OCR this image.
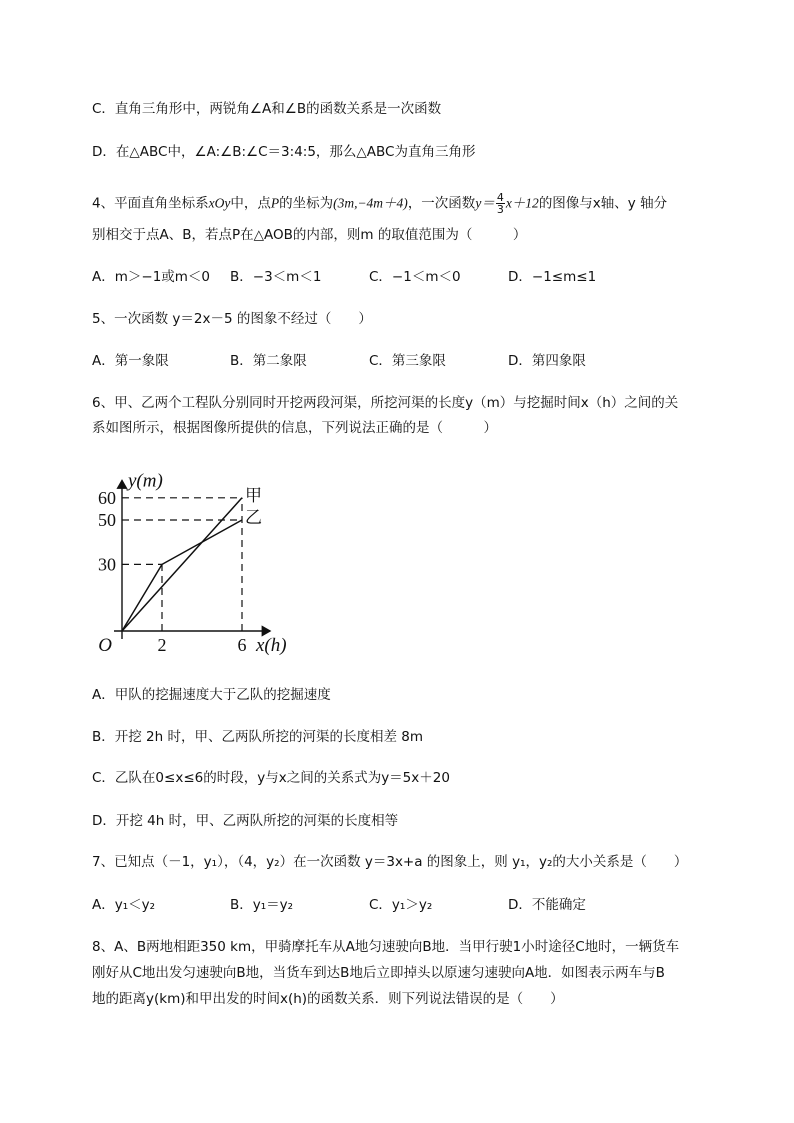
C．直角三角形中，两锐角∠A和∠B的函数关系是一次函数
D．在△ABC中，∠A:∠B:∠C＝3:4:5，那么△ABC为直角三角形
4、平面直角坐标系xOy中，点P的坐标为(3m,−4m＋4)，一次函数$y= \frac{4}{3} x+12$的图像与x轴、y 轴分
别相交于点A、B，若点P在△AOB的内部，则m 的取值范围为（　　　）
A．m＞−1或m＜0 B．−3＜m＜1	C．−1＜m＜0	D．−1≤m≤1
5、一次函数 y＝2x－5 的图象不经过（　　）
A．第一象限	B．第二象限	C．第三象限	D．第四象限
6、甲、乙两个工程队分别同时开挖两段河渠，所挖河渠的长度y（m）与挖掘时间x（h）之间的关
系如图所示，根据图像所提供的信息，下列说法正确的是（　　　）
甲
乙
30
50
60
2	6
O	x(h)
y(m)
A．甲队的挖掘速度大于乙队的挖掘速度
B．开挖 2h 时，甲、乙两队所挖的河渠的长度相差 8m
C．乙队在0≤x≤6的时段，y与x之间的关系式为y＝5x＋20
D．开挖 4h 时，甲、乙两队所挖的河渠的长度相等
7、已知点（－1，y₁），（4，y₂）在一次函数 y＝3x+a 的图象上，则 y₁，y₂的大小关系是（　　）
A．y₁＜y₂	B．y₁＝y₂	C．y₁＞y₂	D．不能确定
8、A、B两地相距350 km，甲骑摩托车从A地匀速驶向B地．当甲行驶1小时途径C地时，一辆货车
刚好从C地出发匀速驶向B地，当货车到达B地后立即掉头以原速匀速驶向A地．如图表示两车与B
地的距离y(km)和甲出发的时间x(h)的函数关系．则下列说法错误的是（　　）
